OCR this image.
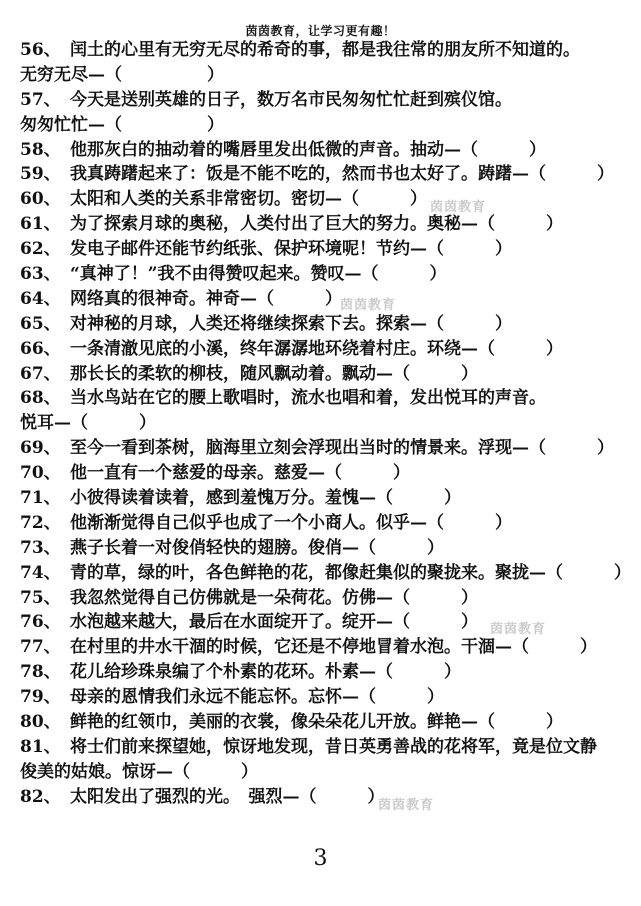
茵茵教育，让学习更有趣！
56、 闰土的心里有无穷无尽的希奇的事，都是我往常的朋友所不知道的。
无穷无尽—（　　　　　）
57、 今天是送别英雄的日子，数万名市民匆匆忙忙赶到殡仪馆。
匆匆忙忙—（　　　　　）
58、 他那灰白的抽动着的嘴唇里发出低微的声音。抽动—（　　　）
59、 我真踌躇起来了：饭是不能不吃的，然而书也太好了。踌躇—（　　　）
60、 太阳和人类的关系非常密切。密切—（　　　）
61、 为了探索月球的奥秘，人类付出了巨大的努力。奥秘—（　　　）
62、 发电子邮件还能节约纸张、保护环境呢！节约—（　　　）
63、 “真神了！”我不由得赞叹起来。赞叹—（　　　）
64、 网络真的很神奇。神奇—（　　　）
65、 对神秘的月球，人类还将继续探索下去。探索—（　　　）
66、 一条清澈见底的小溪，终年潺潺地环绕着村庄。环绕—（　　　）
67、 那长长的柔软的柳枝，随风飘动着。飘动—（　　　）
68、 当水鸟站在它的腰上歌唱时，流水也唱和着，发出悦耳的声音。
悦耳—（　　　）
69、 至今一看到茶树，脑海里立刻会浮现出当时的情景来。浮现—（　　　）
70、 他一直有一个慈爱的母亲。慈爱—（　　　）
71、 小彼得读着读着，感到羞愧万分。羞愧—（　　　）
72、 他渐渐觉得自己似乎也成了一个小商人。似乎—（　　　）
73、 燕子长着一对俊俏轻快的翅膀。俊俏—（　　　）
74、 青的草，绿的叶，各色鲜艳的花，都像赶集似的聚拢来。聚拢—（　　　）
75、 我忽然觉得自己仿佛就是一朵荷花。仿佛—（　　　）
76、 水泡越来越大，最后在水面绽开了。绽开—（　　　）
77、 在村里的井水干涸的时候，它还是不停地冒着水泡。干涸—（　　　）
78、 花儿给珍珠泉编了个朴素的花环。朴素—（　　　）
79、 母亲的恩情我们永远不能忘怀。忘怀—（　　　）
80、 鲜艳的红领巾，美丽的衣裳，像朵朵花儿开放。鲜艳—（　　　）
81、 将士们前来探望她，惊讶地发现，昔日英勇善战的花将军，竟是位文静
俊美的姑娘。惊讶—（　　　）
82、 太阳发出了强烈的光。　强烈—（　　　）
茵茵教育
茵茵教育
茵茵教育
茵茵教育
3
